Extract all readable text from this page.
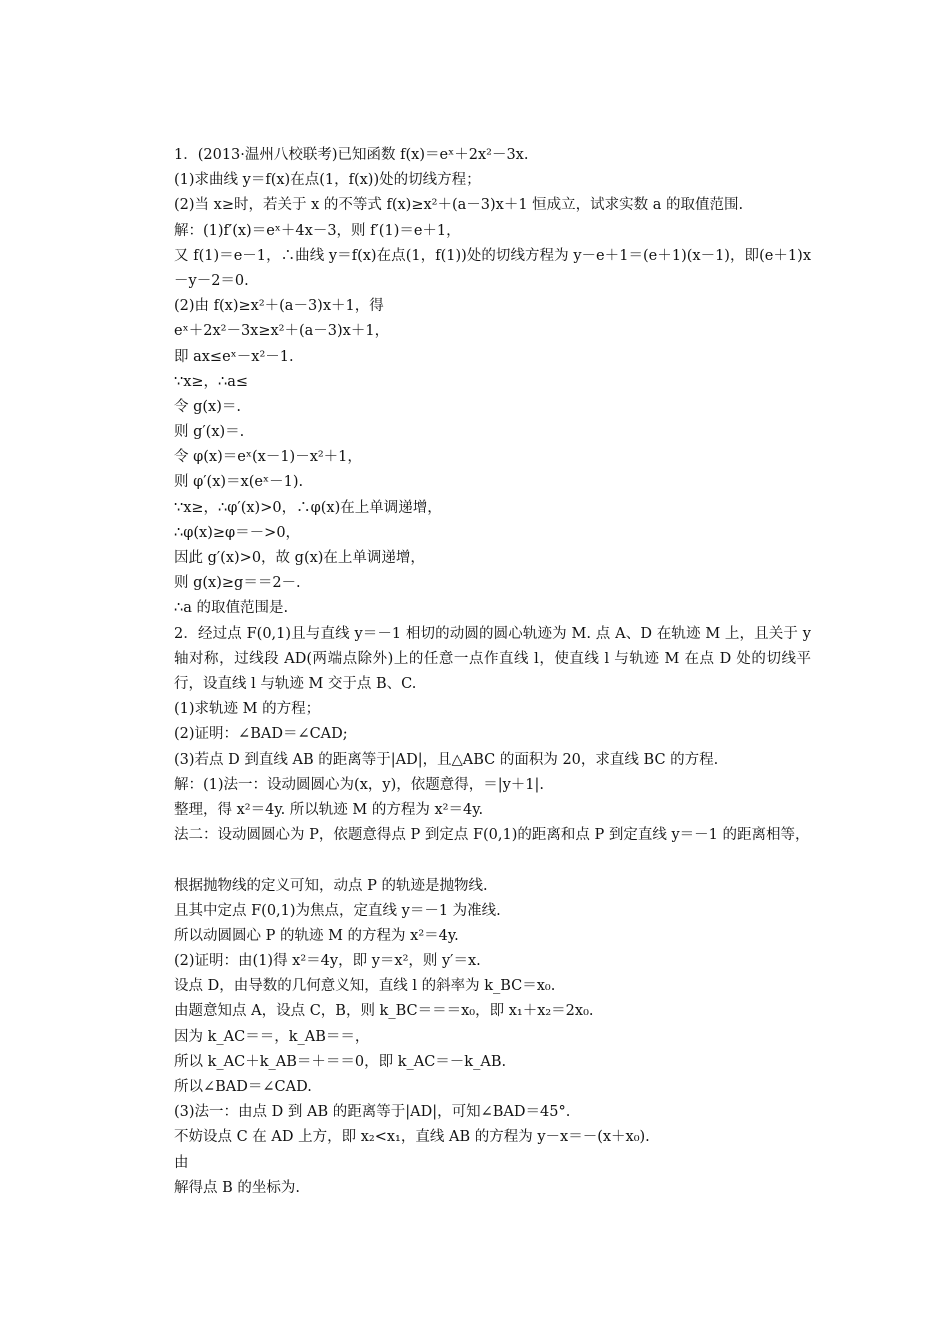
1．(2013·温州八校联考)已知函数 f(x)＝eˣ＋2x²－3x.
(1)求曲线 y＝f(x)在点(1，f(x))处的切线方程；
(2)当 x≥时，若关于 x 的不等式 f(x)≥x²＋(a－3)x＋1 恒成立，试求实数 a 的取值范围.
解：(1)f′(x)＝eˣ＋4x－3，则 f′(1)＝e＋1，
又 f(1)＝e－1，∴曲线 y＝f(x)在点(1，f(1))处的切线方程为 y－e＋1＝(e＋1)(x－1)，即(e＋1)x－y－2＝0.
(2)由 f(x)≥x²＋(a－3)x＋1，得
eˣ＋2x²－3x≥x²＋(a－3)x＋1，
即 ax≤eˣ－x²－1.
∵x≥，∴a≤
令 g(x)＝.
则 g′(x)＝.
令 φ(x)＝eˣ(x－1)－x²＋1，
则 φ′(x)＝x(eˣ－1).
∵x≥，∴φ′(x)>0，∴φ(x)在上单调递增，
∴φ(x)≥φ＝－>0，
因此 g′(x)>0，故 g(x)在上单调递增，
则 g(x)≥g＝＝2－.
∴a 的取值范围是.
2．经过点 F(0,1)且与直线 y＝－1 相切的动圆的圆心轨迹为 M. 点 A、D 在轨迹 M 上，且关于 y 轴对称，过线段 AD(两端点除外)上的任意一点作直线 l，使直线 l 与轨迹 M 在点 D 处的切线平行，设直线 l 与轨迹 M 交于点 B、C.
(1)求轨迹 M 的方程；
(2)证明：∠BAD＝∠CAD;
(3)若点 D 到直线 AB 的距离等于|AD|，且△ABC 的面积为 20，求直线 BC 的方程.
解：(1)法一：设动圆圆心为(x，y)，依题意得，＝|y＋1|.
整理，得 x²＝4y. 所以轨迹 M 的方程为 x²＝4y.
法二：设动圆圆心为 P，依题意得点 P 到定点 F(0,1)的距离和点 P 到定直线 y＝－1 的距离相等，
根据抛物线的定义可知，动点 P 的轨迹是抛物线.
且其中定点 F(0,1)为焦点，定直线 y＝－1 为准线.
所以动圆圆心 P 的轨迹 M 的方程为 x²＝4y.
(2)证明：由(1)得 x²＝4y，即 y＝x²，则 y′＝x.
设点 D，由导数的几何意义知，直线 l 的斜率为 k_BC＝x₀.
由题意知点 A，设点 C，B，则 k_BC＝＝＝x₀，即 x₁＋x₂＝2x₀.
因为 k_AC＝＝，k_AB＝＝，
所以 k_AC＋k_AB＝＋＝＝0，即 k_AC＝－k_AB.
所以∠BAD＝∠CAD.
(3)法一：由点 D 到 AB 的距离等于|AD|，可知∠BAD＝45°.
不妨设点 C 在 AD 上方，即 x₂<x₁，直线 AB 的方程为 y－x＝－(x＋x₀).
由
解得点 B 的坐标为.
